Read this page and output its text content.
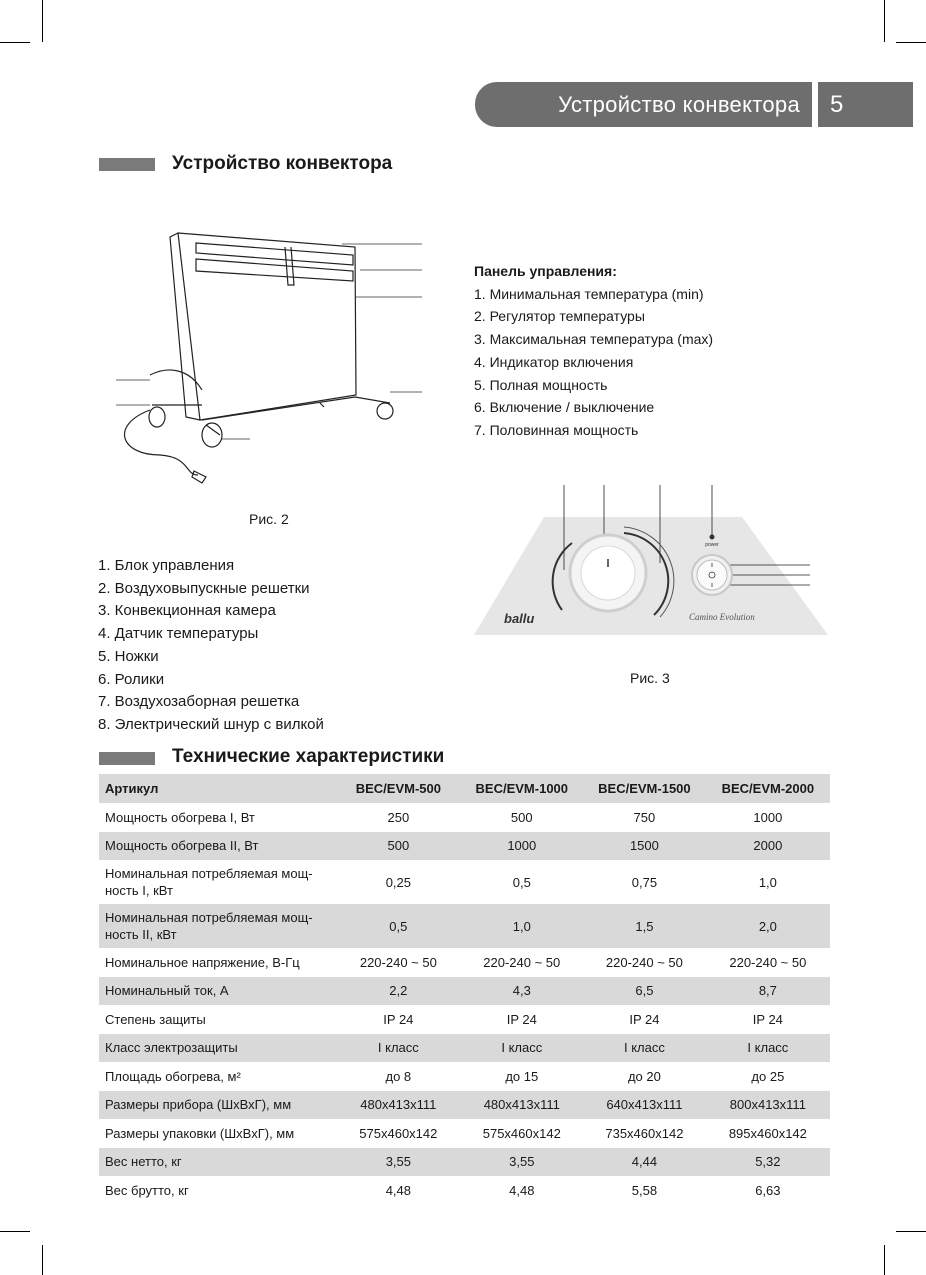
Устройство конвектора 5
Устройство конвектора
Рис. 2
Панель управления:
1. Минимальная температура (min)
2. Регулятор температуры
3. Максимальная температура (max)
4. Индикатор включения
5. Полная мощность
6. Включение / выключение
7. Половинная мощность
power
ballu	Camino Evolution
Рис. 3
1. Блок управления
2. Воздуховыпускные решетки
3. Конвекционная камера
4. Датчик температуры
5. Ножки
6. Ролики
7. Воздухозаборная решетка
8. Электрический шнур с вилкой
Технические характеристики
Артикул	BEC/EVM-500	BEC/EVM-1000	BEC/EVM-1500	BEC/EVM-2000
Мощность обогрева I, Вт	250	500	750	1000
Мощность обогрева II, Вт	500	1000	1500	2000
Номинальная потребляемая мощ-ность I, кВт	0,25	0,5	0,75	1,0
Номинальная потребляемая мощ-ность II, кВт	0,5	1,0	1,5	2,0
Номинальное напряжение, В-Гц	220-240 ~ 50	220-240 ~ 50	220-240 ~ 50	220-240 ~ 50
Номинальный ток, А	2,2	4,3	6,5	8,7
Степень защиты	IP 24	IP 24	IP 24	IP 24
Класс электрозащиты	I класс	I класс	I класс	I класс
Площадь обогрева, м²	до 8	до 15	до 20	до 25
Размеры прибора (ШхВхГ), мм	480x413x111	480x413x111	640x413x111	800x413x111
Размеры упаковки (ШхВхГ), мм	575x460x142	575x460x142	735x460x142	895x460x142
Вес нетто, кг	3,55	3,55	4,44	5,32
Вес брутто, кг	4,48	4,48	5,58	6,63
